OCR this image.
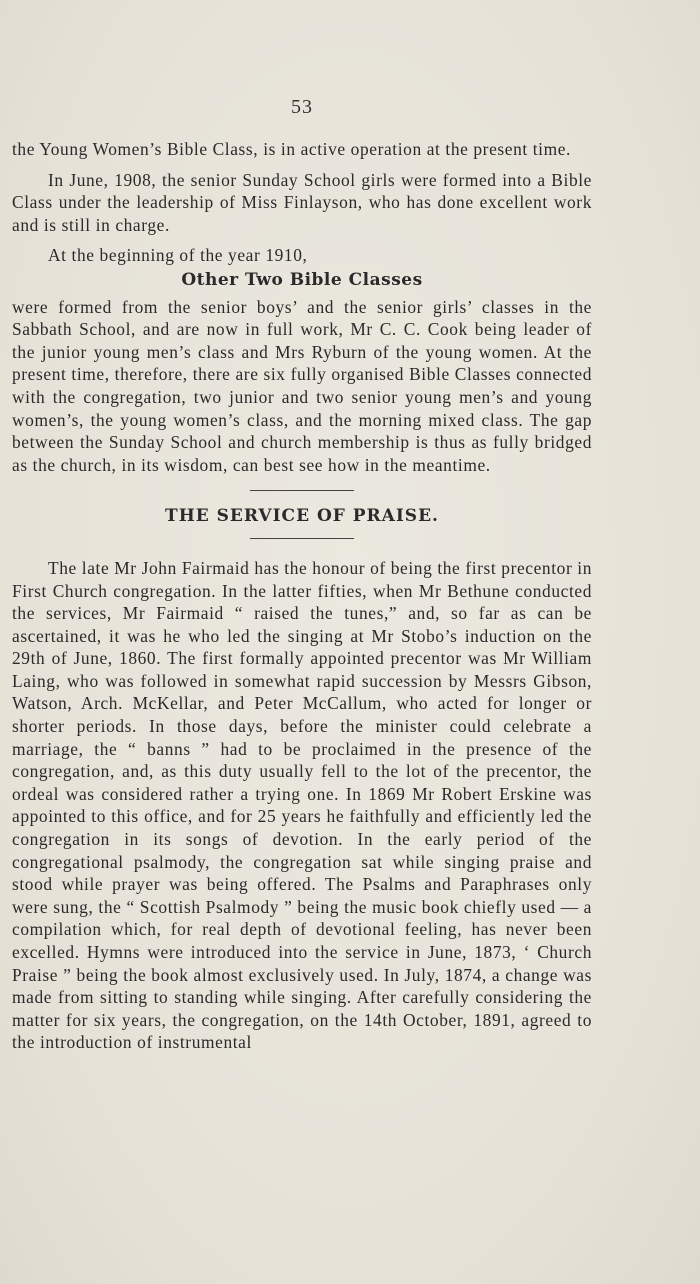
53

the Young Women’s Bible Class, is in active operation at the present time.

In June, 1908, the senior Sunday School girls were formed into a Bible Class under the leadership of Miss Finlayson, who has done excellent work and is still in charge.

At the beginning of the year 1910,

Other Two Bible Classes

were formed from the senior boys’ and the senior girls’ classes in the Sabbath School, and are now in full work, Mr C. C. Cook being leader of the junior young men’s class and Mrs Ryburn of the young women. At the present time, therefore, there are six fully organised Bible Classes connected with the congregation, two junior and two senior young men’s and young women’s, the young women’s class, and the morning mixed class. The gap between the Sunday School and church membership is thus as fully bridged as the church, in its wisdom, can best see how in the meantime.

THE SERVICE OF PRAISE.

The late Mr John Fairmaid has the honour of being the first precentor in First Church congregation. In the latter fifties, when Mr Bethune conducted the services, Mr Fairmaid “ raised the tunes,” and, so far as can be ascertained, it was he who led the singing at Mr Stobo’s induction on the 29th of June, 1860. The first formally appointed precentor was Mr William Laing, who was followed in somewhat rapid succession by Messrs Gibson, Watson, Arch. McKellar, and Peter McCallum, who acted for longer or shorter periods. In those days, before the minister could celebrate a marriage, the “ banns ” had to be proclaimed in the presence of the congregation, and, as this duty usually fell to the lot of the precentor, the ordeal was considered rather a trying one. In 1869 Mr Robert Erskine was appointed to this office, and for 25 years he faithfully and efficiently led the congregation in its songs of devotion. In the early period of the congregational psalmody, the congregation sat while singing praise and stood while prayer was being offered. The Psalms and Paraphrases only were sung, the “ Scottish Psalmody ” being the music book chiefly used — a compilation which, for real depth of devotional feeling, has never been excelled. Hymns were introduced into the service in June, 1873, ‘ Church Praise ” being the book almost exclusively used. In July, 1874, a change was made from sitting to standing while singing. After carefully considering the matter for six years, the congregation, on the 14th October, 1891, agreed to the introduction of instrumental
